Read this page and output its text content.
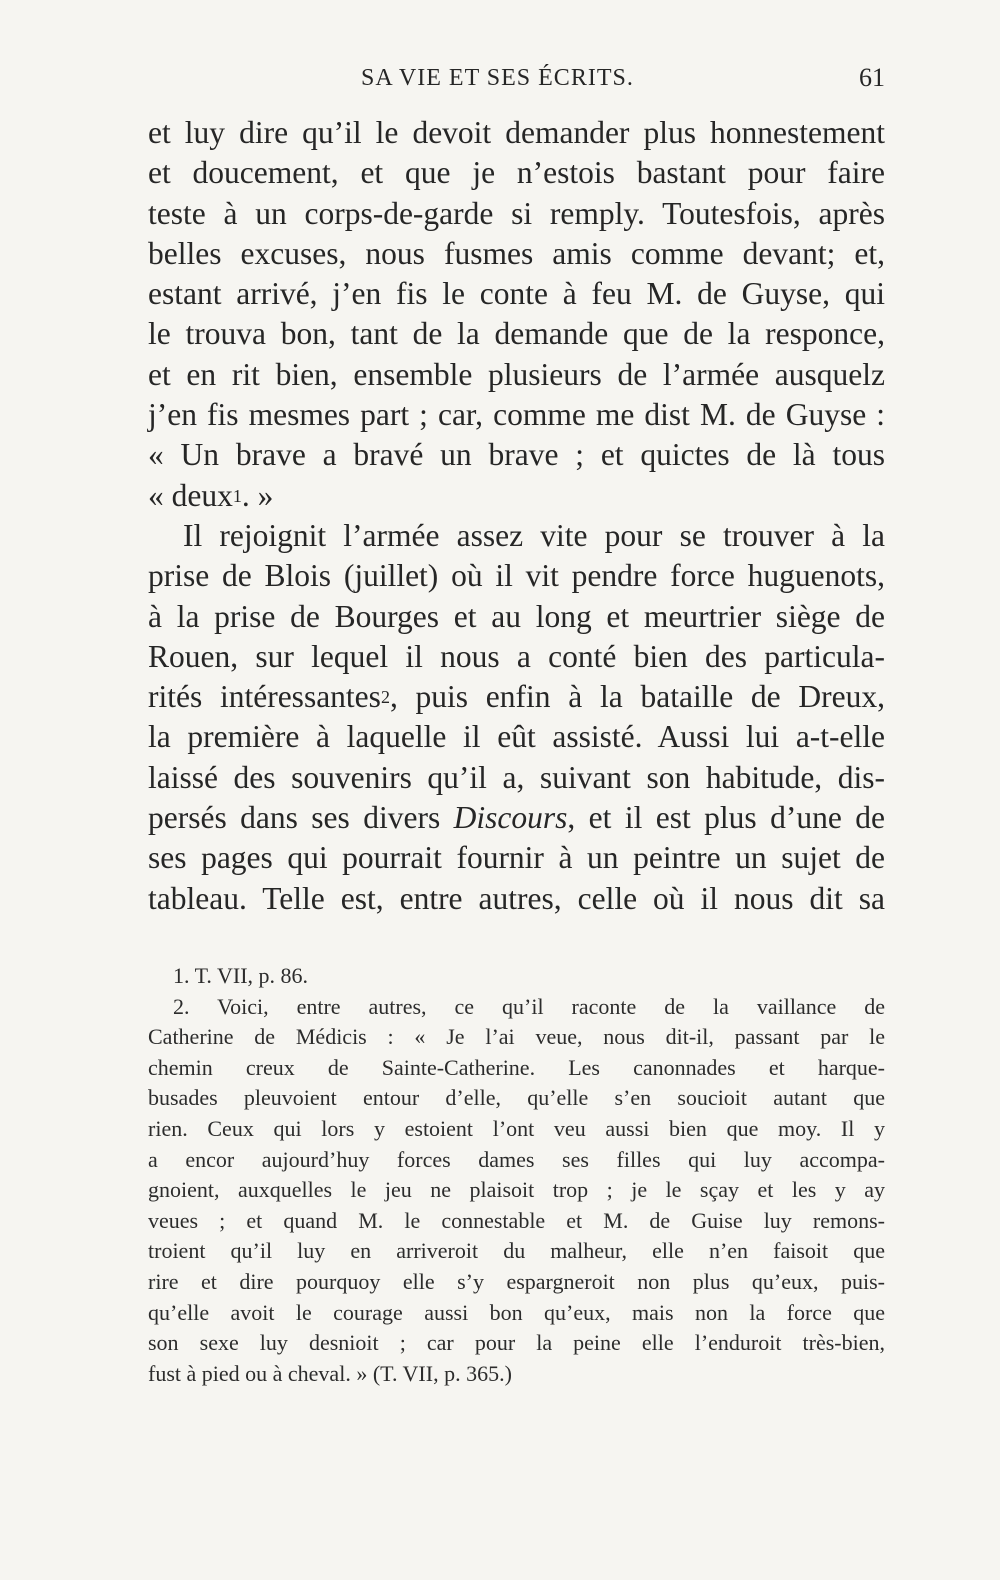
SA VIE ET SES ÉCRITS.	61
et luy dire qu’il le devoit demander plus honnestement
et doucement, et que je n’estois bastant pour faire
teste à un corps-de-garde si remply. Toutesfois, après
belles excuses, nous fusmes amis comme devant; et,
estant arrivé, j’en fis le conte à feu M. de Guyse, qui
le trouva bon, tant de la demande que de la responce,
et en rit bien, ensemble plusieurs de l’armée ausquelz
j’en fis mesmes part ; car, comme me dist M. de Guyse :
« Un brave a bravé un brave ; et quictes de là tous
« deux$^1$. »
Il rejoignit l’armée assez vite pour se trouver à la
prise de Blois (juillet) où il vit pendre force huguenots,
à la prise de Bourges et au long et meurtrier siège de
Rouen, sur lequel il nous a conté bien des particula-
rités intéressantes$^2$, puis enfin à la bataille de Dreux,
la première à laquelle il eût assisté. Aussi lui a-t-elle
laissé des souvenirs qu’il a, suivant son habitude, dis-
persés dans ses divers Discours, et il est plus d’une de
ses pages qui pourrait fournir à un peintre un sujet de
tableau. Telle est, entre autres, celle où il nous dit sa
1. T. VII, p. 86.
2. Voici, entre autres, ce qu’il raconte de la vaillance de
Catherine de Médicis : « Je l’ai veue, nous dit-il, passant par le
chemin creux de Sainte-Catherine. Les canonnades et harque-
busades pleuvoient entour d’elle, qu’elle s’en soucioit autant que
rien. Ceux qui lors y estoient l’ont veu aussi bien que moy. Il y
a encor aujourd’huy forces dames ses filles qui luy accompa-
gnoient, auxquelles le jeu ne plaisoit trop ; je le sçay et les y ay
veues ; et quand M. le connestable et M. de Guise luy remons-
troient qu’il luy en arriveroit du malheur, elle n’en faisoit que
rire et dire pourquoy elle s’y espargneroit non plus qu’eux, puis-
qu’elle avoit le courage aussi bon qu’eux, mais non la force que
son sexe luy desnioit ; car pour la peine elle l’enduroit très-bien,
fust à pied ou à cheval. » (T. VII, p. 365.)
